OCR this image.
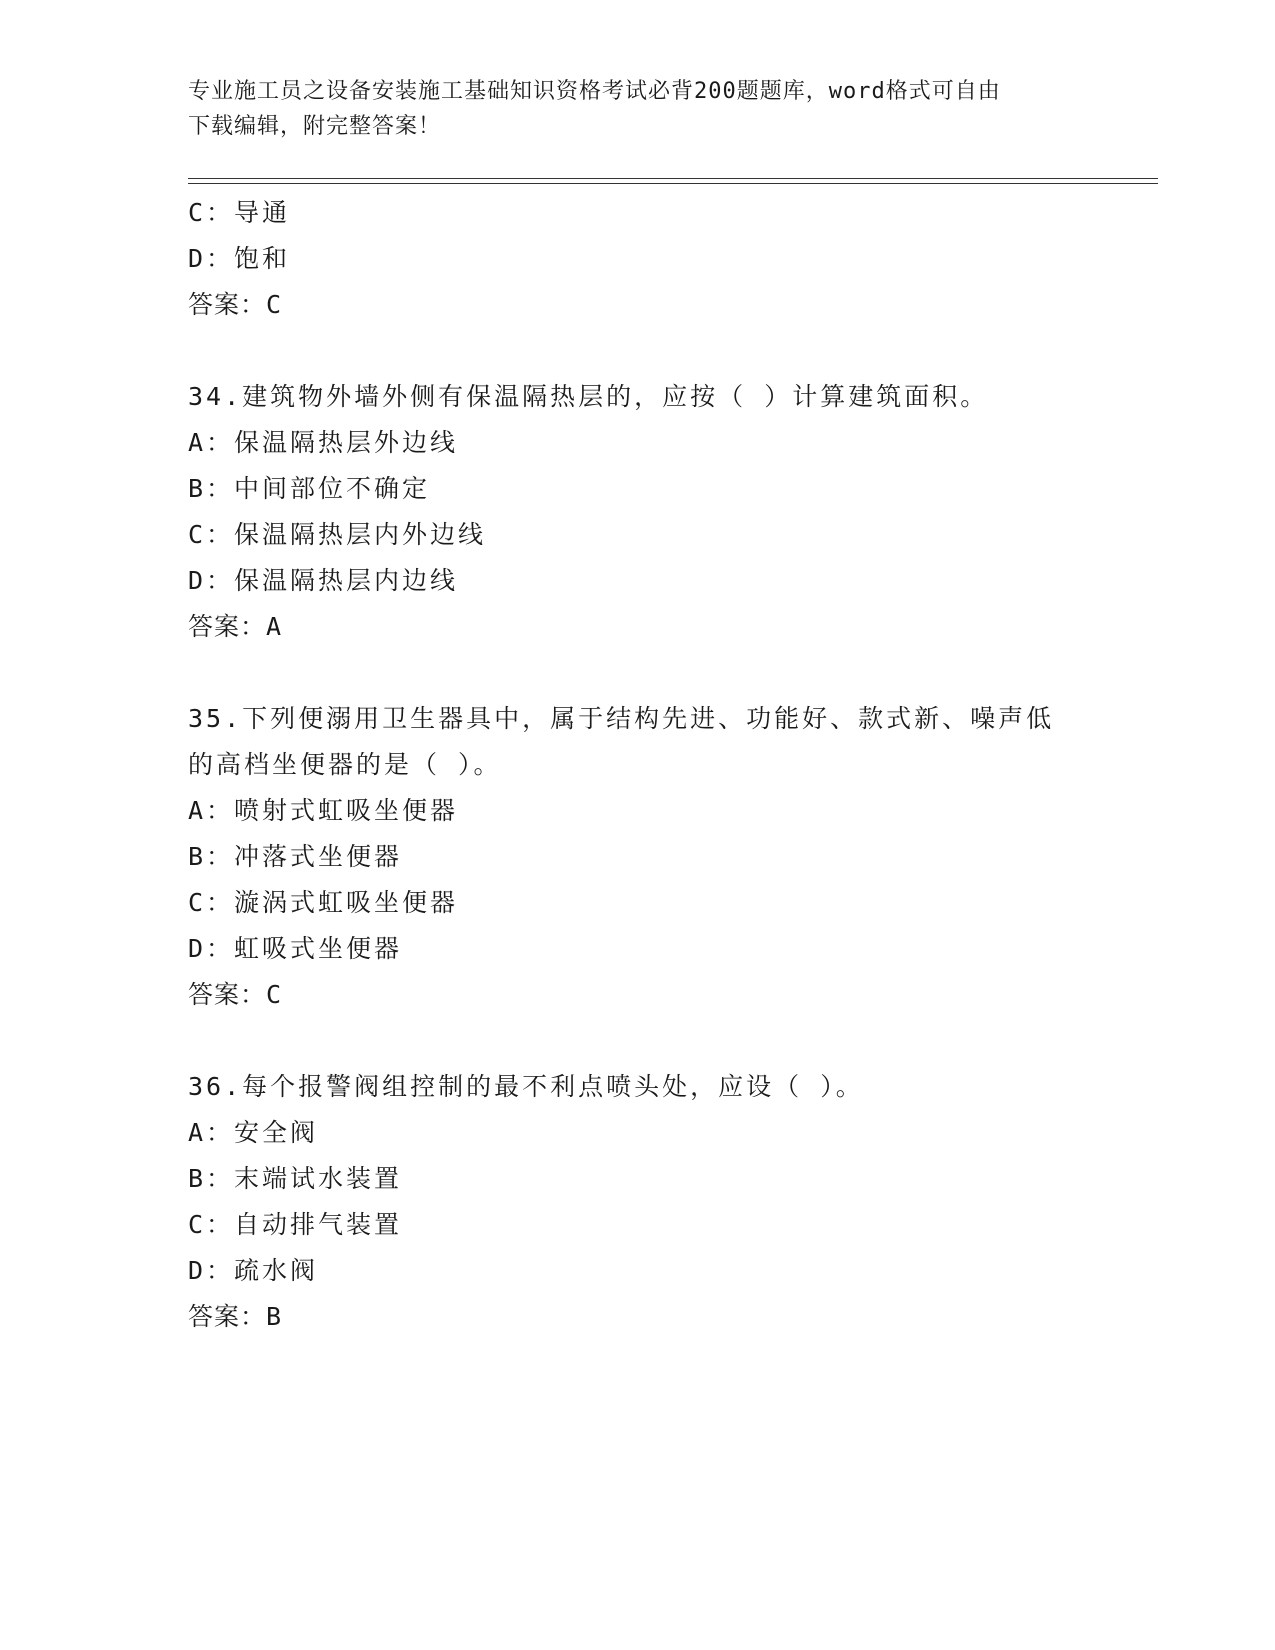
专业施工员之设备安装施工基础知识资格考试必背200题题库，word格式可自由
下载编辑，附完整答案！
C：导通
D：饱和
答案：C
34.建筑物外墙外侧有保温隔热层的，应按（ ）计算建筑面积。
A：保温隔热层外边线
B：中间部位不确定
C：保温隔热层内外边线
D：保温隔热层内边线
答案：A
35.下列便溺用卫生器具中，属于结构先进、功能好、款式新、噪声低
的高档坐便器的是（ ）。
A：喷射式虹吸坐便器
B：冲落式坐便器
C：漩涡式虹吸坐便器
D：虹吸式坐便器
答案：C
36.每个报警阀组控制的最不利点喷头处，应设（ ）。
A：安全阀
B：末端试水装置
C：自动排气装置
D：疏水阀
答案：B
